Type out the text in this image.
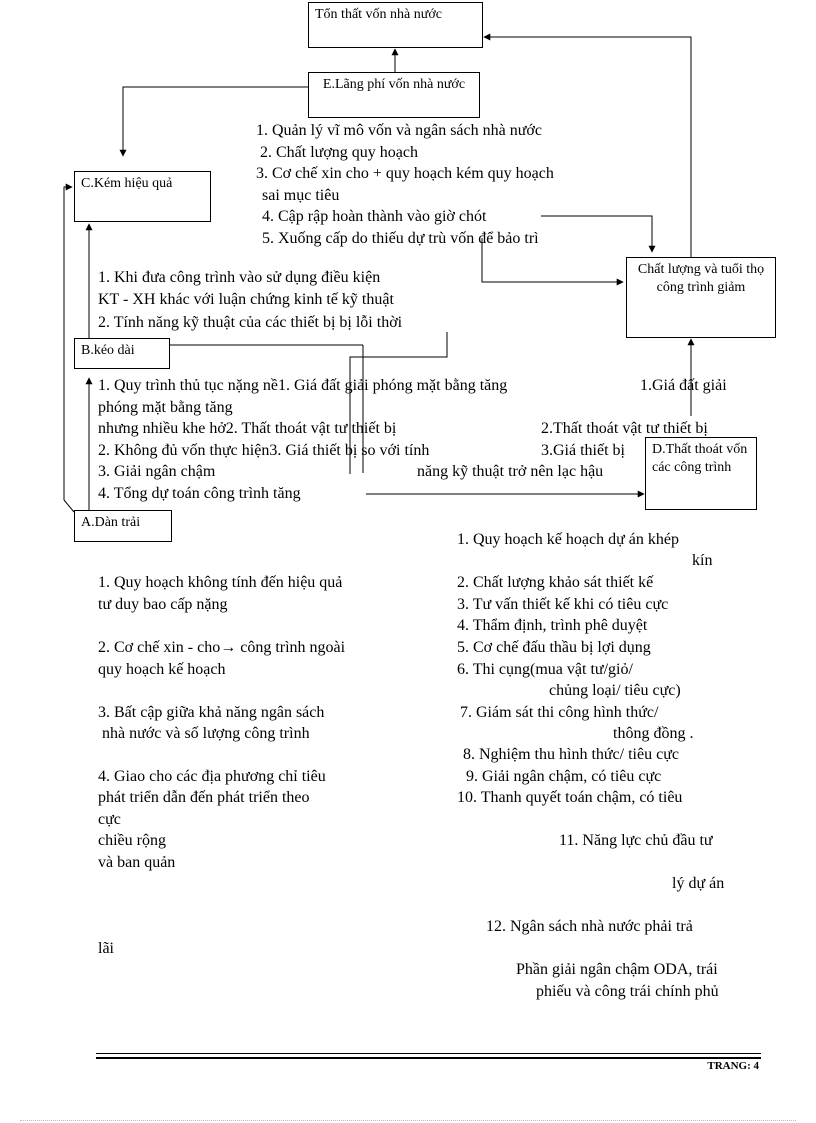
Tổn thất vốn nhà nước
E.Lãng phí vốn nhà nước
C.Kém hiệu quả
B.kéo dài
A.Dàn trải
Chất lượng và tuổi thọ công trình giảm
D.Thất thoát vốn các công trình
1. Quản lý vĩ mô vốn và ngân sách nhà nước
2. Chất lượng quy hoạch
3. Cơ chế xin cho + quy hoạch kém quy hoạch
sai mục tiêu
4. Cập rập hoàn thành vào giờ chót
5. Xuống cấp do thiếu dự trù vốn để bảo trì
1. Khi đưa công trình vào sử dụng điều kiện
KT - XH khác với luận chứng kinh tế kỹ thuật
2. Tính năng kỹ thuật của các thiết bị bị lỗi thời
1. Quy trình thủ tục nặng nề1. Giá đất giải phóng mặt bằng tăng
phóng mặt bằng tăng
nhưng nhiều khe hở2. Thất thoát vật tư thiết bị
2. Không đủ vốn thực hiện3. Giá thiết bị so với tính
3. Giải ngân chậm	năng kỹ thuật trở nên lạc hậu
4. Tổng dự toán công trình tăng
1.Giá đất giải
2.Thất thoát vật tư thiết bị
3.Giá thiết bị
1. Quy hoạch không tính đến hiệu quả
tư duy bao cấp nặng
2. Cơ chế xin - cho→ công trình ngoài
quy hoạch kế hoạch
3. Bất cập giữa khả năng ngân sách
nhà nước và số lượng công trình
4. Giao cho các địa phương chỉ tiêu
phát triển dẫn đến phát triển theo
cực
chiều rộng
và ban quản
lãi
1. Quy hoạch kế hoạch dự án khép
kín
2. Chất lượng khảo sát thiết kế
3. Tư vấn thiết kế khi có tiêu cực
4. Thẩm định, trình phê duyệt
5. Cơ chế đấu thầu bị lợi dụng
6. Thi cụng(mua vật tư/giỏ/
chủng loại/ tiêu cực)
7. Giám sát thi công hình thức/
thông đồng .
8. Nghiệm thu hình thức/ tiêu cực
9. Giải ngân chậm, có tiêu cực
10. Thanh quyết toán chậm, có tiêu
11. Năng lực chủ đầu tư
lý dự án
12. Ngân sách nhà nước phải trả
Phần giải ngân chậm ODA, trái
phiếu và công trái chính phủ
TRANG: 4
